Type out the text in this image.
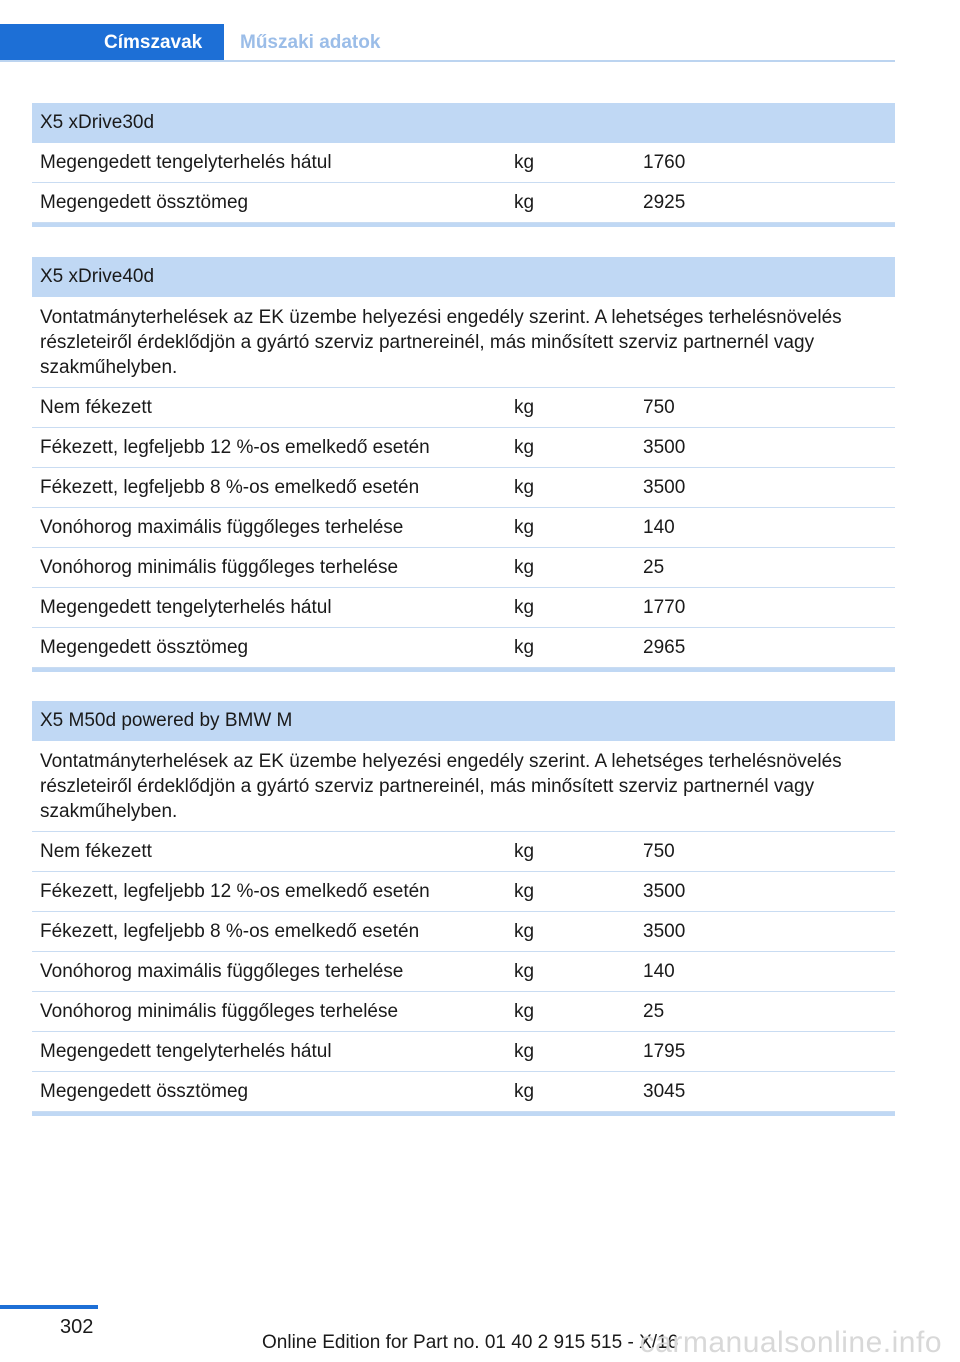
Címszavak	Műszaki adatok
X5 xDrive30d
Megengedett tengelyterhelés hátul	kg	1760
Megengedett össztömeg	kg	2925
X5 xDrive40d
Vontatmányterhelések az EK üzembe helyezési engedély szerint. A lehetséges terhelésnövelés részleteiről érdeklődjön a gyártó szerviz partnereinél, más minősített szerviz partnernél vagy szakműhelyben.
Nem fékezett	kg	750
Fékezett, legfeljebb 12 %-os emelkedő esetén	kg	3500
Fékezett, legfeljebb 8 %-os emelkedő esetén	kg	3500
Vonóhorog maximális függőleges terhelése	kg	140
Vonóhorog minimális függőleges terhelése	kg	25
Megengedett tengelyterhelés hátul	kg	1770
Megengedett össztömeg	kg	2965
X5 M50d powered by BMW M
Vontatmányterhelések az EK üzembe helyezési engedély szerint. A lehetséges terhelésnövelés részleteiről érdeklődjön a gyártó szerviz partnereinél, más minősített szerviz partnernél vagy szakműhelyben.
Nem fékezett	kg	750
Fékezett, legfeljebb 12 %-os emelkedő esetén	kg	3500
Fékezett, legfeljebb 8 %-os emelkedő esetén	kg	3500
Vonóhorog maximális függőleges terhelése	kg	140
Vonóhorog minimális függőleges terhelése	kg	25
Megengedett tengelyterhelés hátul	kg	1795
Megengedett össztömeg	kg	3045
302
Online Edition for Part no. 01 40 2 915 515 - X/16
carmanualsonline.info
